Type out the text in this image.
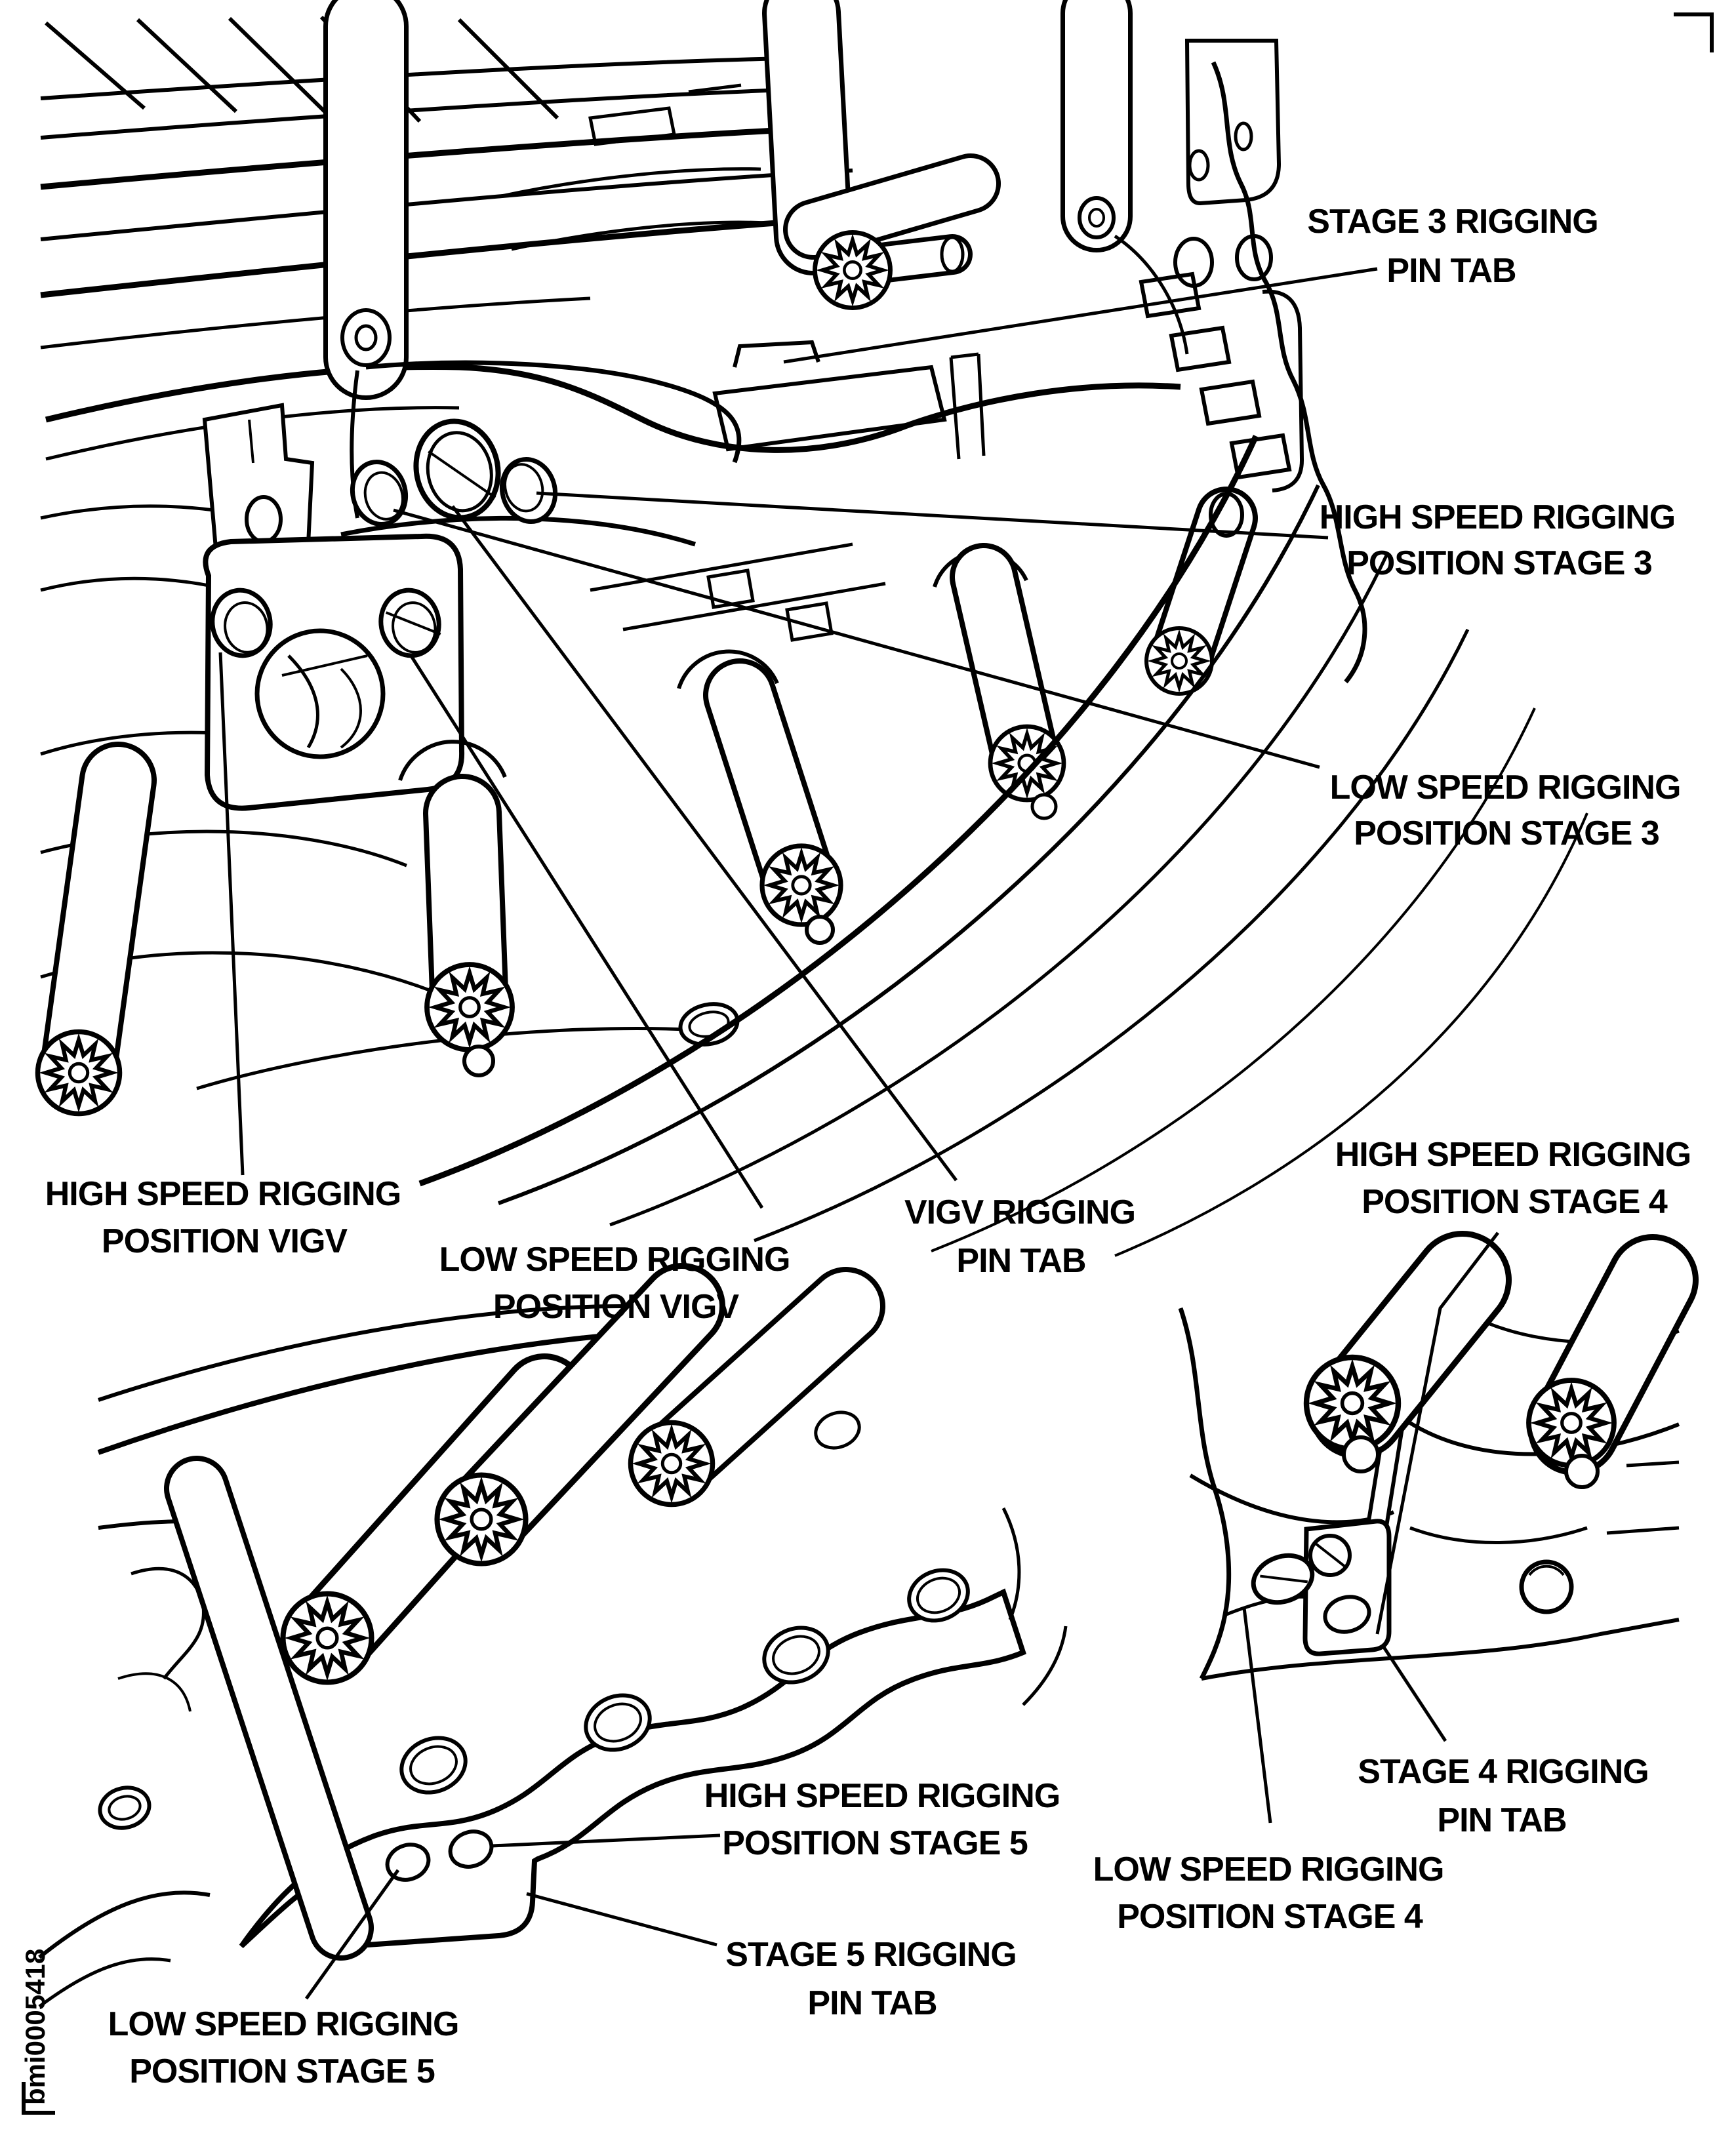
STAGE 3 RIGGING
PIN TAB
HIGH SPEED RIGGING
POSITION STAGE 3
LOW SPEED RIGGING
POSITION STAGE 3
HIGH SPEED RIGGING
POSITION VIGV	LOW SPEED RIGGING
POSITION VIGV
VIGV RIGGING
PIN TAB
HIGH SPEED RIGGING
POSITION STAGE 4
STAGE 4 RIGGING
PIN TAB
LOW SPEED RIGGING
POSITION STAGE 4
HIGH SPEED RIGGING
POSITION STAGE 5
STAGE 5 RIGGING
PIN TAB
LOW SPEED RIGGING
POSITION STAGE 5
bmi0005418
